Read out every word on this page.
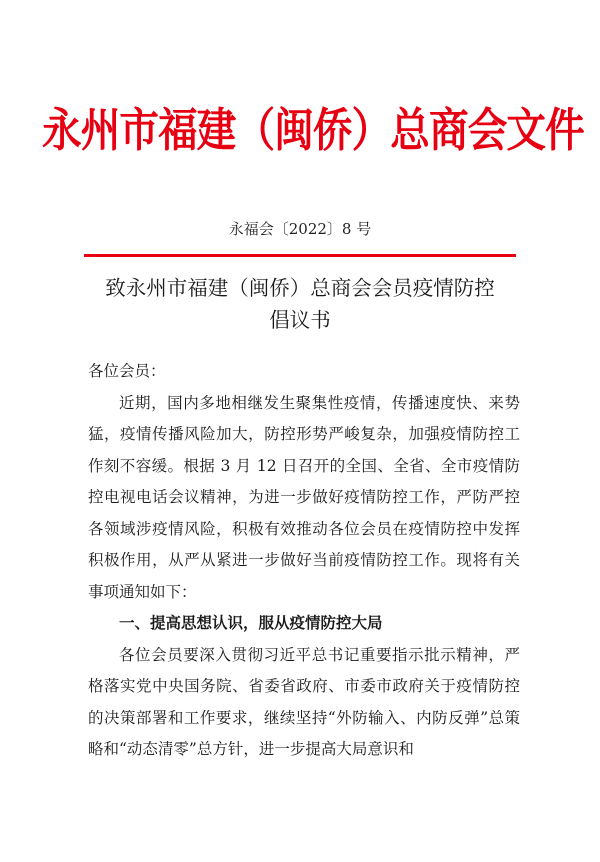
永州市福建（闽侨）总商会文件
永福会〔2022〕8 号
致永州市福建（闽侨）总商会会员疫情防控
倡议书

各位会员：

近期，国内多地相继发生聚集性疫情，传播速度快、来势猛，疫情传播风险加大，防控形势严峻复杂，加强疫情防控工作刻不容缓。根据 3 月 12 日召开的全国、全省、全市疫情防控电视电话会议精神，为进一步做好疫情防控工作，严防严控各领域涉疫情风险，积极有效推动各位会员在疫情防控中发挥积极作用，从严从紧进一步做好当前疫情防控工作。现将有关事项通知如下：

一、提高思想认识，服从疫情防控大局

各位会员要深入贯彻习近平总书记重要指示批示精神，严格落实党中央国务院、省委省政府、市委市政府关于疫情防控的决策部署和工作要求，继续坚持“外防输入、内防反弹”总策略和“动态清零”总方针，进一步提高大局意识和
